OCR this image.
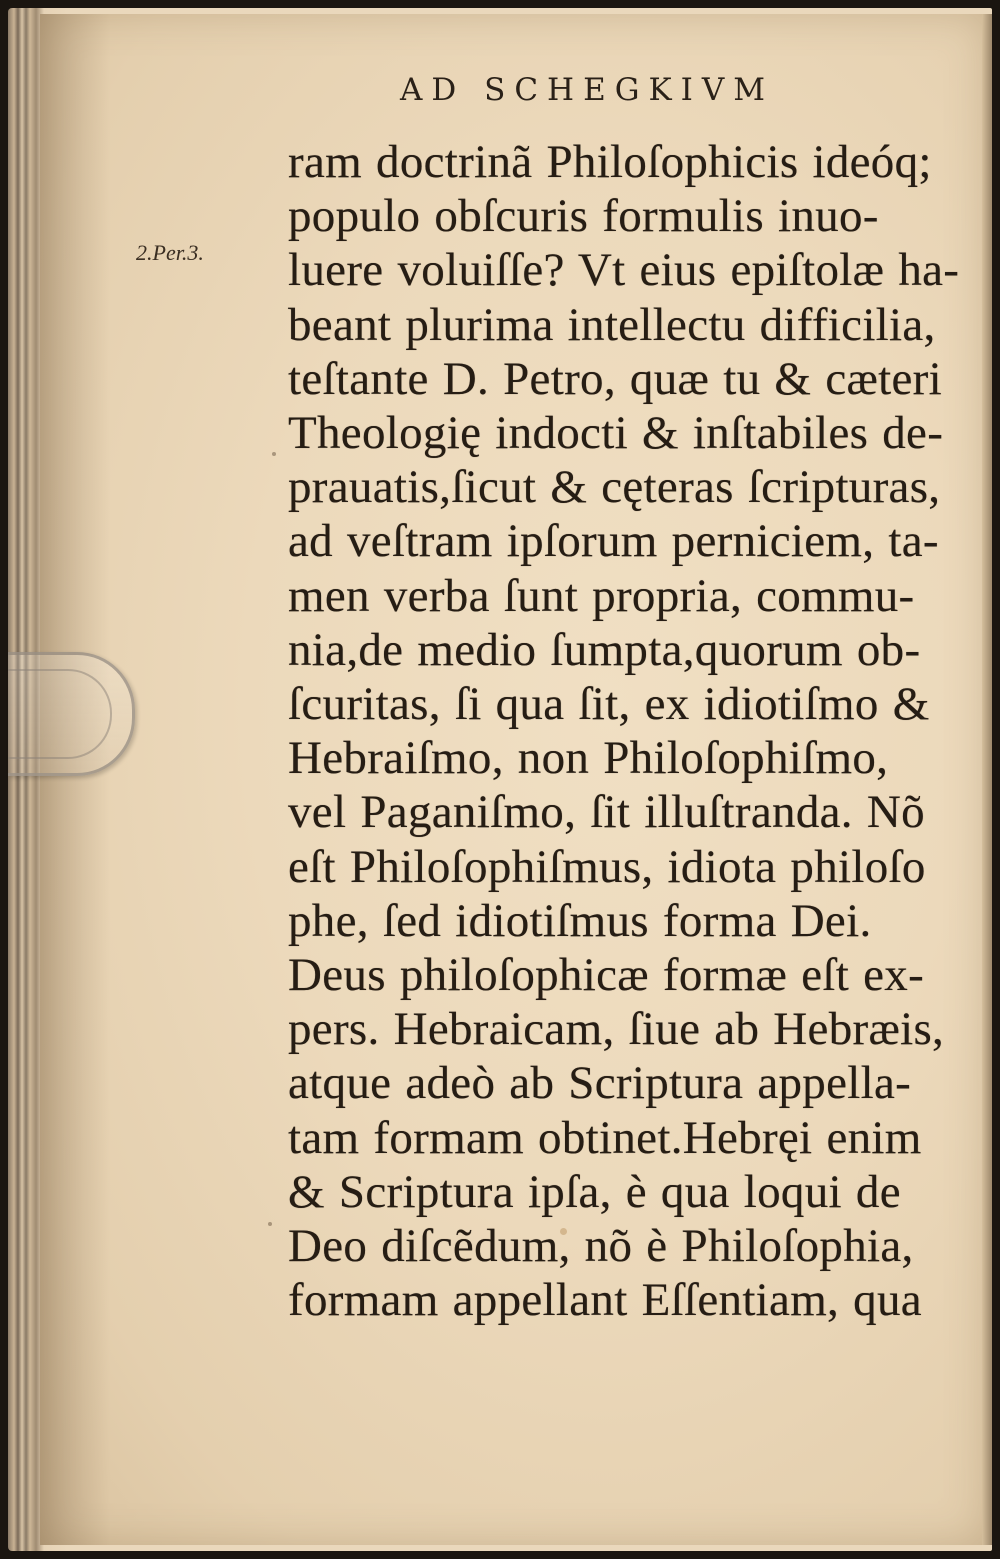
AD SCHEGKIVM
2.Per.3.
ram doctrinã Philoſophicis ideóq;
populo obſcuris formulis inuo-
luere voluiſſe? Vt eius epiſtolæ ha-
beant plurima intellectu difficilia,
teſtante D. Petro, quæ tu & cæteri
Theologię indocti & inſtabiles de-
prauatis,ſicut & cęteras ſcripturas,
ad veſtram ipſorum perniciem, ta-
men verba ſunt propria, commu-
nia,de medio ſumpta,quorum ob-
ſcuritas, ſi qua ſit, ex idiotiſmo &
Hebraiſmo, non Philoſophiſmo,
vel Paganiſmo, ſit illuſtranda. Nõ
eſt Philoſophiſmus, idiota philoſo
phe, ſed idiotiſmus forma Dei.
Deus philoſophicæ formæ eſt ex-
pers. Hebraicam, ſiue ab Hebræis,
atque adeò ab Scriptura appella-
tam formam obtinet.Hebręi enim
& Scriptura ipſa, è qua loqui de
Deo diſcẽdum, nõ è Philoſophia,
formam appellant Eſſentiam, qua
